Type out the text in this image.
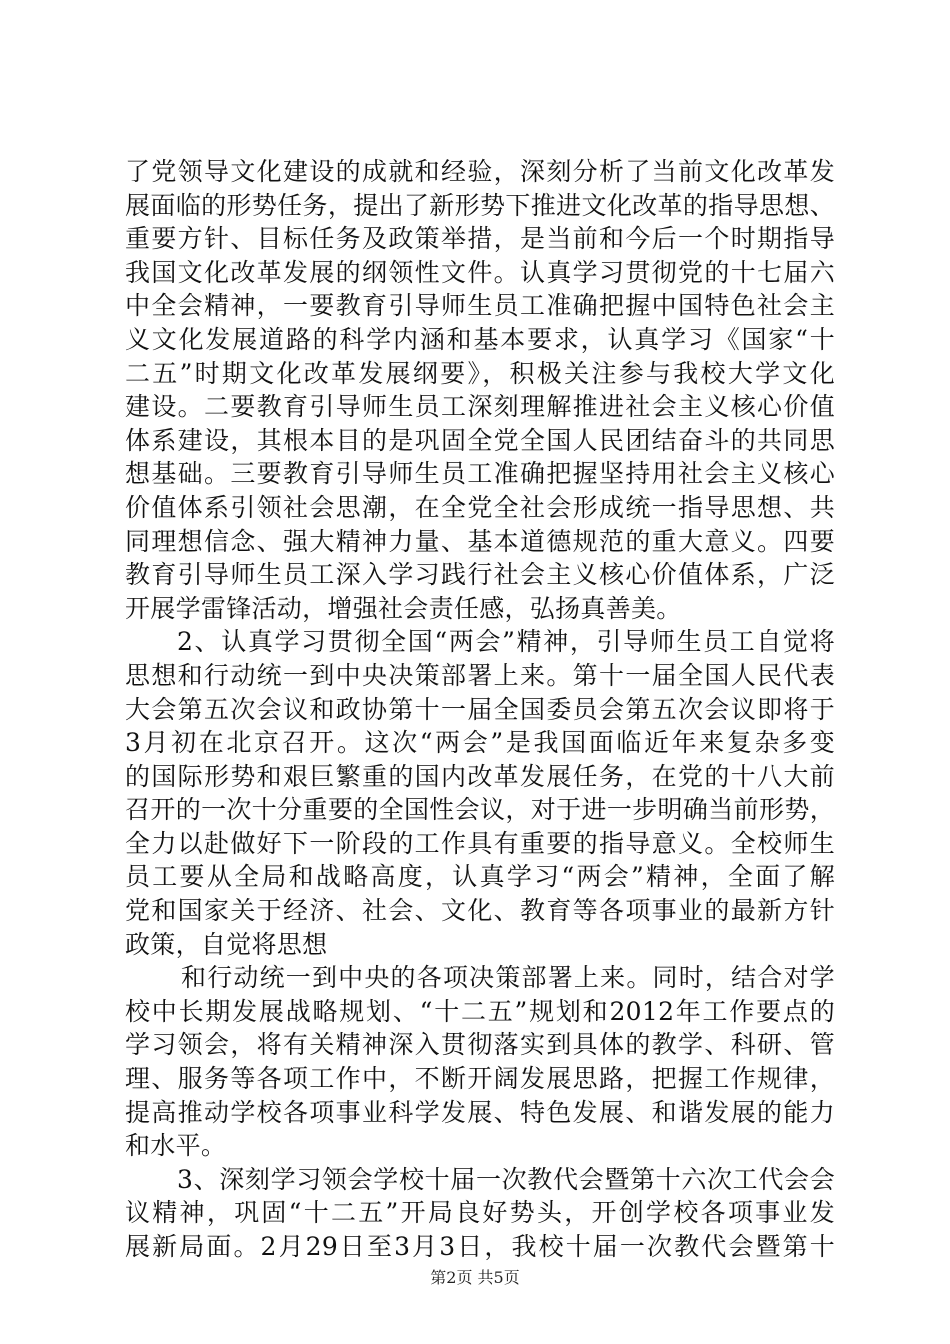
了党领导文化建设的成就和经验，深刻分析了当前文化改革发
展面临的形势任务，提出了新形势下推进文化改革的指导思想、
重要方针、目标任务及政策举措，是当前和今后一个时期指导
我国文化改革发展的纲领性文件。认真学习贯彻党的十七届六
中全会精神，一要教育引导师生员工准确把握中国特色社会主
义文化发展道路的科学内涵和基本要求，认真学习《国家“十
二五”时期文化改革发展纲要》，积极关注参与我校大学文化
建设。二要教育引导师生员工深刻理解推进社会主义核心价值
体系建设，其根本目的是巩固全党全国人民团结奋斗的共同思
想基础。三要教育引导师生员工准确把握坚持用社会主义核心
价值体系引领社会思潮，在全党全社会形成统一指导思想、共
同理想信念、强大精神力量、基本道德规范的重大意义。四要
教育引导师生员工深入学习践行社会主义核心价值体系，广泛
开展学雷锋活动，增强社会责任感，弘扬真善美。
2、认真学习贯彻全国“两会”精神，引导师生员工自觉将
思想和行动统一到中央决策部署上来。第十一届全国人民代表
大会第五次会议和政协第十一届全国委员会第五次会议即将于
3月初在北京召开。这次“两会”是我国面临近年来复杂多变
的国际形势和艰巨繁重的国内改革发展任务，在党的十八大前
召开的一次十分重要的全国性会议，对于进一步明确当前形势，
全力以赴做好下一阶段的工作具有重要的指导意义。全校师生
员工要从全局和战略高度，认真学习“两会”精神，全面了解
党和国家关于经济、社会、文化、教育等各项事业的最新方针
政策，自觉将思想
和行动统一到中央的各项决策部署上来。同时，结合对学
校中长期发展战略规划、“十二五”规划和2012年工作要点的
学习领会，将有关精神深入贯彻落实到具体的教学、科研、管
理、服务等各项工作中，不断开阔发展思路，把握工作规律，
提高推动学校各项事业科学发展、特色发展、和谐发展的能力
和水平。
3、深刻学习领会学校十届一次教代会暨第十六次工代会会
议精神，巩固“十二五”开局良好势头，开创学校各项事业发
展新局面。2月29日至3月3日，我校十届一次教代会暨第十
第2页 共5页
